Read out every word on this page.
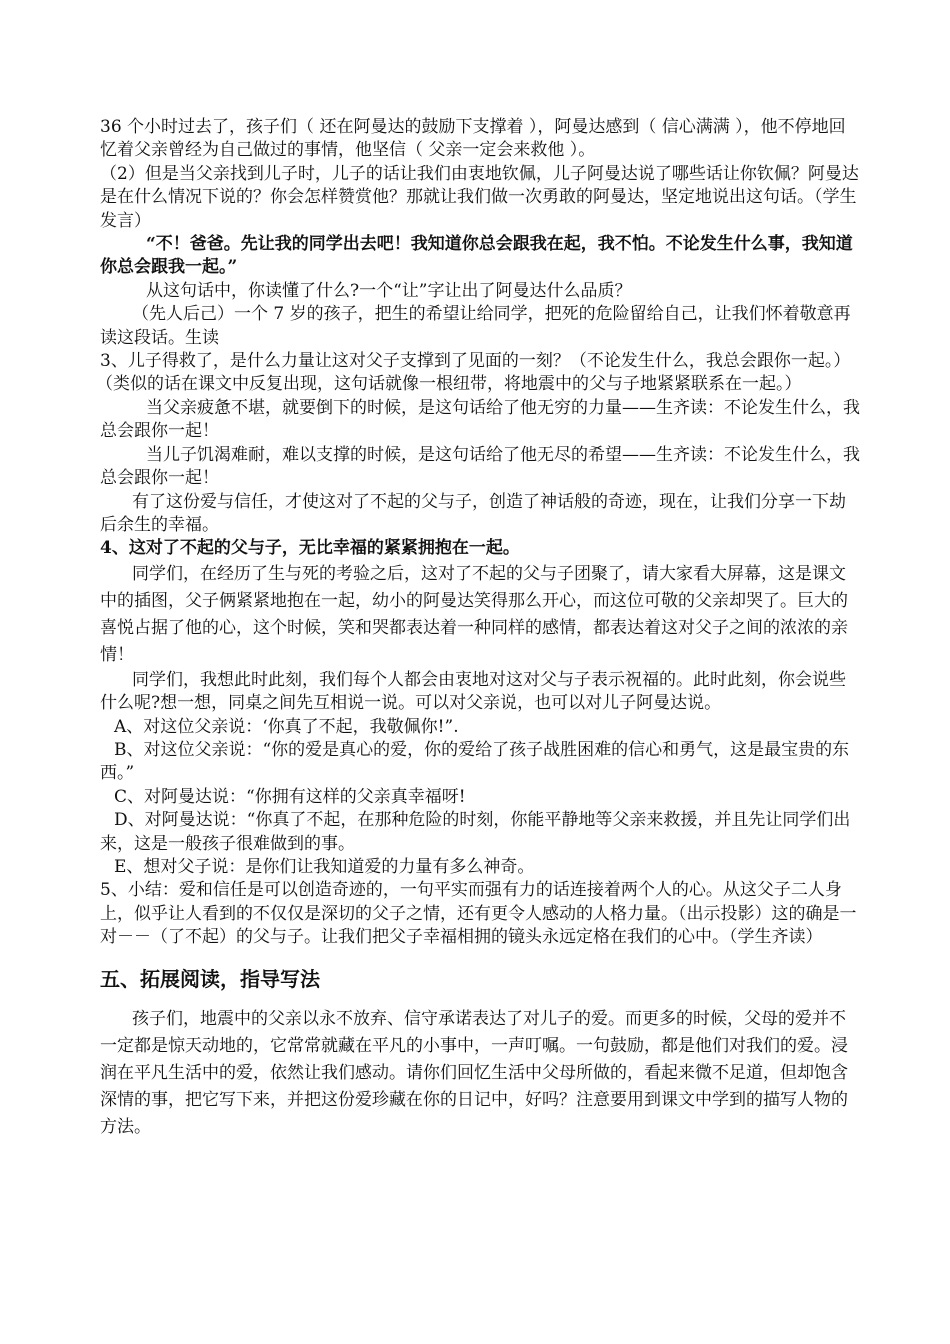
36 个小时过去了，孩子们（ 还在阿曼达的鼓励下支撑着 ），阿曼达感到（ 信心满满 ），他不停地回忆着父亲曾经为自己做过的事情，他坚信（ 父亲一定会来救他 ）。

（2）但是当父亲找到儿子时，儿子的话让我们由衷地钦佩，儿子阿曼达说了哪些话让你钦佩？阿曼达是在什么情况下说的？你会怎样赞赏他？那就让我们做一次勇敢的阿曼达，坚定地说出这句话。（学生发言）

“不！爸爸。先让我的同学出去吧！我知道你总会跟我在起，我不怕。不论发生什么事，我知道你总会跟我一起。”

从这句话中，你读懂了什么?一个“让”字让出了阿曼达什么品质？

（先人后己）一个 7 岁的孩子，把生的希望让给同学，把死的危险留给自己，让我们怀着敬意再读这段话。生读

3、儿子得救了，是什么力量让这对父子支撑到了见面的一刻？（不论发生什么，我总会跟你一起。）

（类似的话在课文中反复出现，这句话就像一根纽带，将地震中的父与子地紧紧联系在一起。）

当父亲疲惫不堪，就要倒下的时候，是这句话给了他无穷的力量——生齐读：不论发生什么，我总会跟你一起！

当儿子饥渴难耐，难以支撑的时候，是这句话给了他无尽的希望——生齐读：不论发生什么，我总会跟你一起！

有了这份爱与信任，才使这对了不起的父与子，创造了神话般的奇迹，现在，让我们分享一下劫后余生的幸福。

4、这对了不起的父与子，无比幸福的紧紧拥抱在一起。

同学们，在经历了生与死的考验之后，这对了不起的父与子团聚了，请大家看大屏幕，这是课文中的插图，父子俩紧紧地抱在一起，幼小的阿曼达笑得那么开心，而这位可敬的父亲却哭了。巨大的喜悦占据了他的心，这个时候，笑和哭都表达着一种同样的感情，都表达着这对父子之间的浓浓的亲情！

同学们，我想此时此刻，我们每个人都会由衷地对这对父与子表示祝福的。此时此刻，你会说些什么呢?想一想，同桌之间先互相说一说。可以对父亲说，也可以对儿子阿曼达说。

A、对这位父亲说：‘你真了不起，我敬佩你!”.

B、对这位父亲说：“你的爱是真心的爱，你的爱给了孩子战胜困难的信心和勇气，这是最宝贵的东西。”

C、对阿曼达说：“你拥有这样的父亲真幸福呀!

D、对阿曼达说：“你真了不起，在那种危险的时刻，你能平静地等父亲来救援，并且先让同学们出来，这是一般孩子很难做到的事。

E、想对父子说：是你们让我知道爱的力量有多么神奇。

5、小结：爱和信任是可以创造奇迹的，一句平实而强有力的话连接着两个人的心。从这父子二人身上，似乎让人看到的不仅仅是深切的父子之情，还有更令人感动的人格力量。（出示投影）这的确是一对－－（了不起）的父与子。让我们把父子幸福相拥的镜头永远定格在我们的心中。（学生齐读）

五、拓展阅读，指导写法

孩子们，地震中的父亲以永不放弃、信守承诺表达了对儿子的爱。而更多的时候，父母的爱并不一定都是惊天动地的，它常常就藏在平凡的小事中，一声叮嘱。一句鼓励，都是他们对我们的爱。浸润在平凡生活中的爱，依然让我们感动。请你们回忆生活中父母所做的，看起来微不足道，但却饱含深情的事，把它写下来，并把这份爱珍藏在你的日记中，好吗？注意要用到课文中学到的描写人物的方法。
